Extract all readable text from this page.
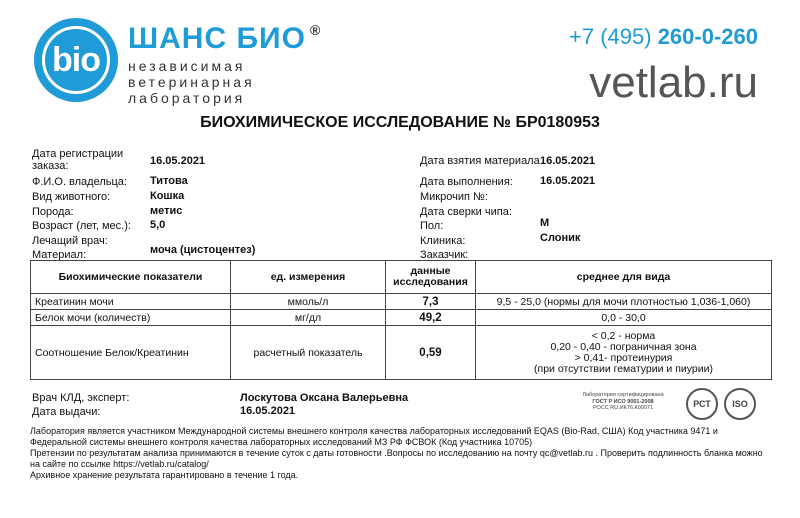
bio
ШАНС БИО ®
независимая
ветеринарная
лаборатория
+7 (495) 260-0-260
vetlab.ru
БИОХИМИЧЕСКОЕ ИССЛЕДОВАНИЕ № БР0180953
Дата регистрации заказа:	16.05.2021
Ф.И.О. владельца: Титова
Вид животного:	Кошка
Порода:	метис
Возраст (лет, мес.): 5,0
Лечащий врач:
Материал:	моча (цистоцентез)
Дата взятия материала 16.05.2021
Дата выполнения: 16.05.2021
Микрочип №:
Дата сверки чипа:
Пол:	М
Клиника:	Слоник
Заказчик:
Биохимические показатели	ед. измерения	данные исследования	среднее для вида
Креатинин мочи	ммоль/л	7,3	9,5 - 25,0 (нормы для мочи плотностью 1,036-1,060)
Белок мочи (количеств)	мг/дл	49,2	0,0 - 30,0
Соотношение Белок/Креатинин	расчетный показатель	0,59	< 0,2 - норма
0,20 - 0,40 - пограничная зона
> 0,41- протеинурия
(при отсутствии гематурии и пиурии)
Врач КЛД, эксперт:	Лоскутова Оксана Валерьевна
Дата выдачи:	16.05.2021
Лаборатория сертифицирована
ГОСТ Р ИСО 9001-2008
РОСС RU.ИК76.К00071	РСТ ISO
Лаборатория является участником Международной системы внешнего контроля качества лабораторных исследований EQAS (Bio-Rad, США) Код участника 9471 и Федеральной системы внешнего контроля качества лабораторных исследований МЗ РФ ФСВОК (Код участника 10705)
Претензии по результатам анализа принимаются в течение суток с даты готовности .Вопросы по исследованию на почту qc@vetlab.ru . Проверить подлинность бланка можно на сайте по ссылке https://vetlab.ru/catalog/
Архивное хранение результата гарантировано в течение 1 года.
